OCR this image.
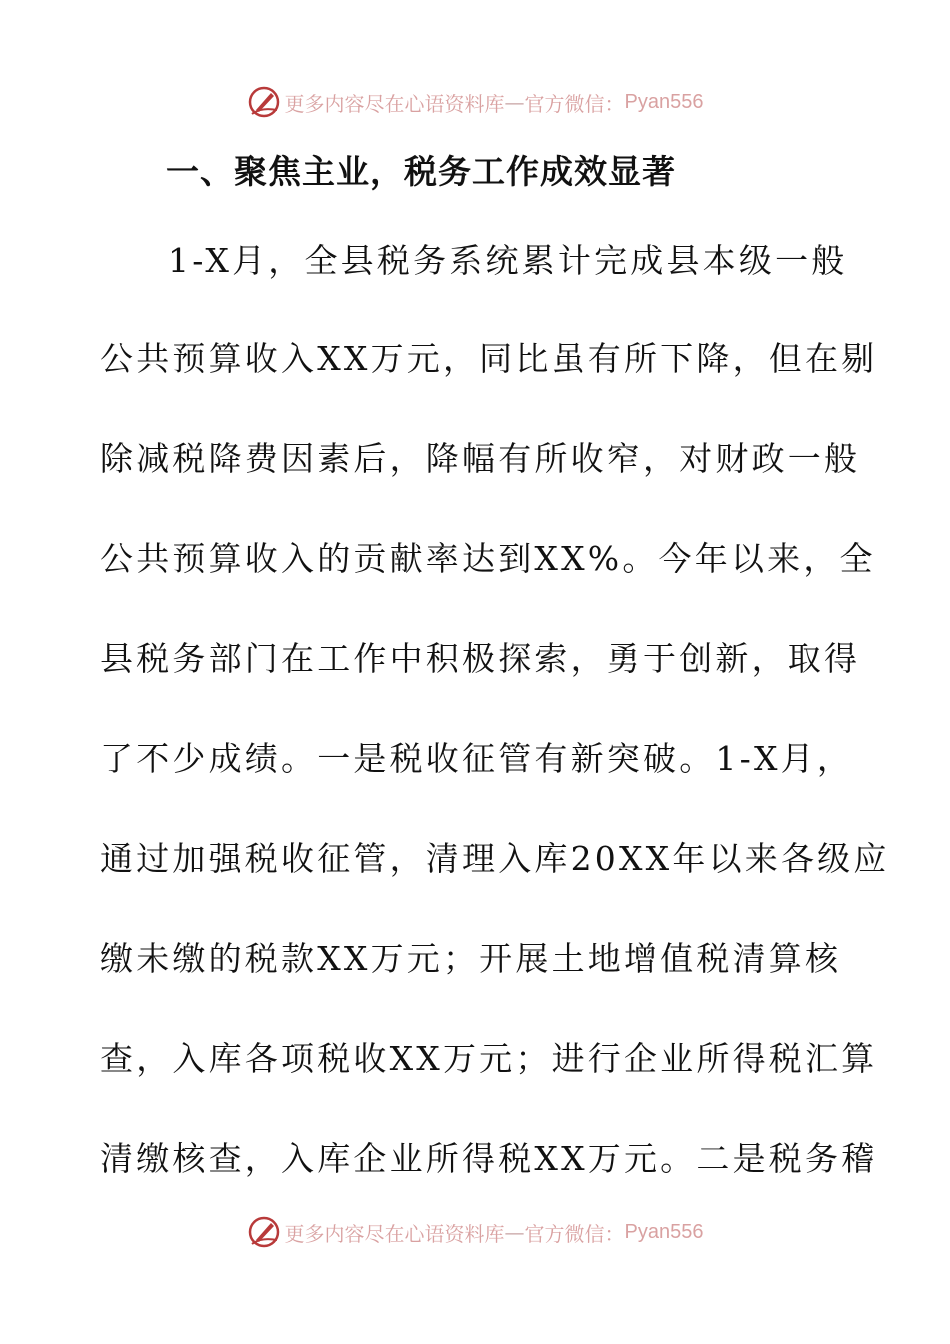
更多内容尽在心语资料库 — 官方微信： Pyan556
一、聚焦主业，税务工作成效显著

1-X月，全县税务系统累计完成县本级一般

公共预算收入XX万元，同比虽有所下降，但在剔

除减税降费因素后，降幅有所收窄，对财政一般

公共预算收入的贡献率达到XX%。今年以来，全

县税务部门在工作中积极探索，勇于创新，取得

了不少成绩。一是税收征管有新突破。1-X月，

通过加强税收征管，清理入库20XX年以来各级应

缴未缴的税款XX万元；开展土地增值税清算核

查，入库各项税收XX万元；进行企业所得税汇算

清缴核查，入库企业所得税XX万元。二是税务稽

更多内容尽在心语资料库 — 官方微信： Pyan556
